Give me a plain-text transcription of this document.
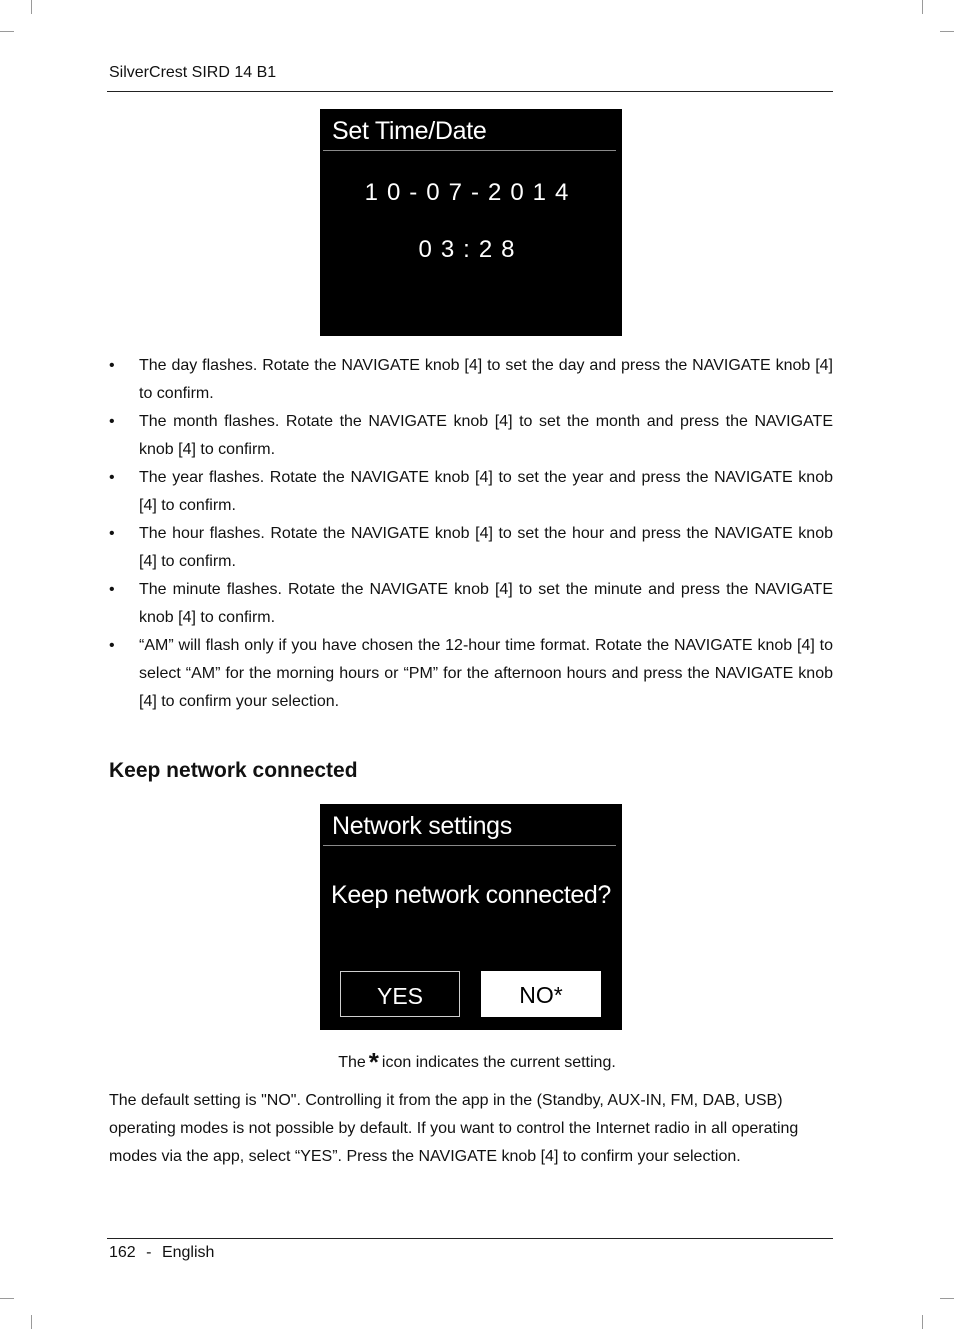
SilverCrest SIRD 14 B1
Set Time/Date
10-07-2014
03:28
• The day flashes. Rotate the NAVIGATE knob [4] to set the day and press the NAVIGATE knob [4] to confirm.
• The month flashes. Rotate the NAVIGATE knob [4] to set the month and press the NAVIGATE knob [4] to confirm.
• The year flashes. Rotate the NAVIGATE knob [4] to set the year and press the NAVIGATE knob [4] to confirm.
• The hour flashes. Rotate the NAVIGATE knob [4] to set the hour and press the NAVIGATE knob [4] to confirm.
• The minute flashes. Rotate the NAVIGATE knob [4] to set the minute and press the NAVIGATE knob [4] to confirm.
• “AM” will flash only if you have chosen the 12-hour time format. Rotate the NAVIGATE knob [4] to select “AM” for the morning hours or “PM” for the afternoon hours and press the NAVIGATE knob [4] to confirm your selection.
Keep network connected
Network settings
Keep network connected?
YES	NO*
The * icon indicates the current setting.
The default setting is "NO". Controlling it from the app in the (Standby, AUX-IN, FM, DAB, USB) operating modes is not possible by default. If you want to control the Internet radio in all operating modes via the app, select “YES”. Press the NAVIGATE knob [4] to confirm your selection.
162 - English
